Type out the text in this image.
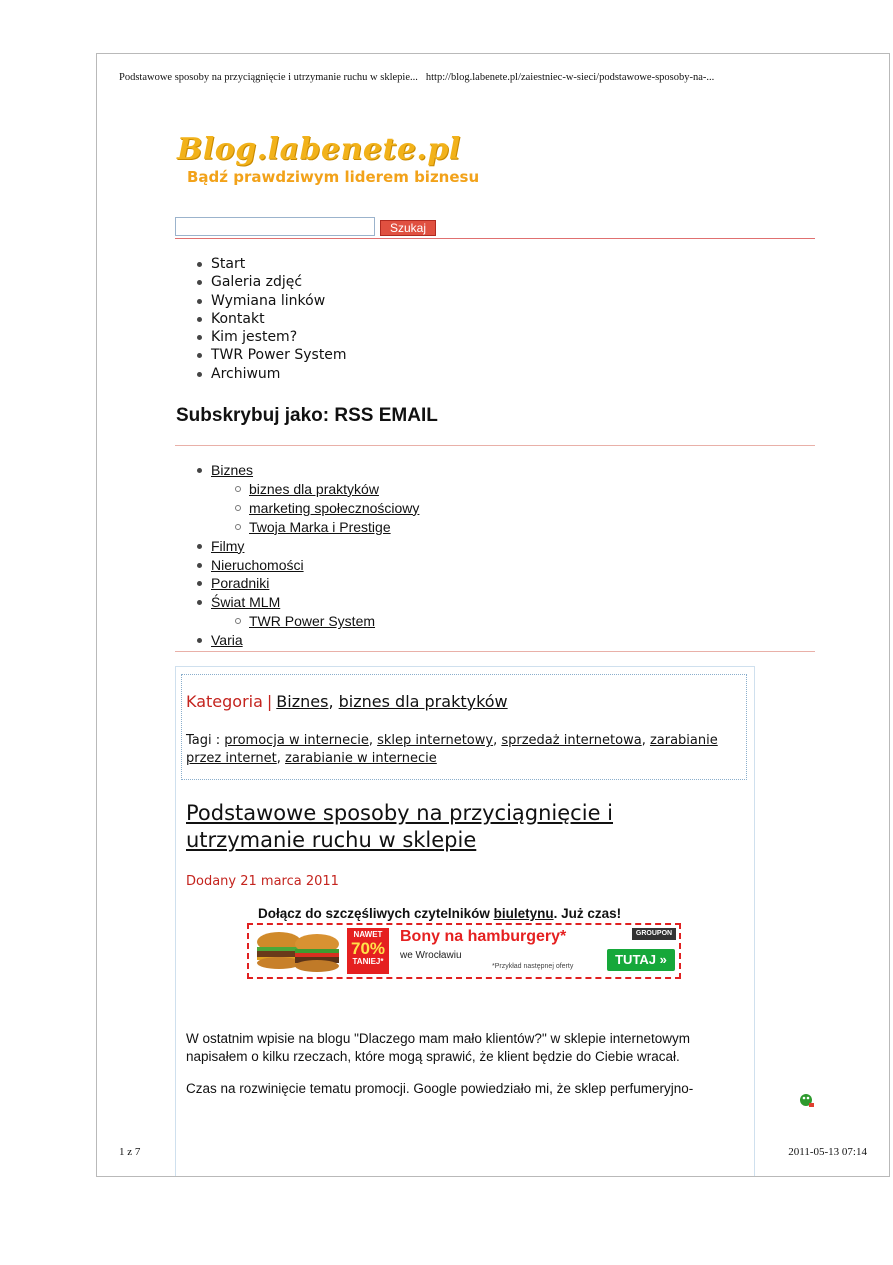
Podstawowe sposoby na przyciągnięcie i utrzymanie ruchu w sklepie... http://blog.labenete.pl/zaiestniec-w-sieci/podstawowe-sposoby-na-...
Blog.labenete.pl
Bądź prawdziwym liderem biznesu
Szukaj
Start
Galeria zdjęć
Wymiana linków
Kontakt
Kim jestem?
TWR Power System
Archiwum
Subskrybuj jako: RSS EMAIL
Biznes
biznes dla praktyków
marketing społecznościowy
Twoja Marka i Prestige
Filmy
Nieruchomości
Poradniki
Świat MLM
TWR Power System
Varia
Kategoria | Biznes, biznes dla praktyków
Tagi : promocja w internecie, sklep internetowy, sprzedaż internetowa, zarabianie przez internet, zarabianie w internecie
Podstawowe sposoby na przyciągnięcie i utrzymanie ruchu w sklepie
Dodany 21 marca 2011
Dołącz do szczęśliwych czytelników biuletynu. Już czas!
NAWET
70%
TANIEJ*
Bony na hamburgery*
we Wrocławiu
*Przykład następnej oferty
GROUPON
TUTAJ »
W ostatnim wpisie na blogu "Dlaczego mam mało klientów?" w sklepie internetowym napisałem o kilku rzeczach, które mogą sprawić, że klient będzie do Ciebie wracał.
Czas na rozwinięcie tematu promocji. Google powiedziało mi, że sklep perfumeryjno-
1 z 7	2011-05-13 07:14
